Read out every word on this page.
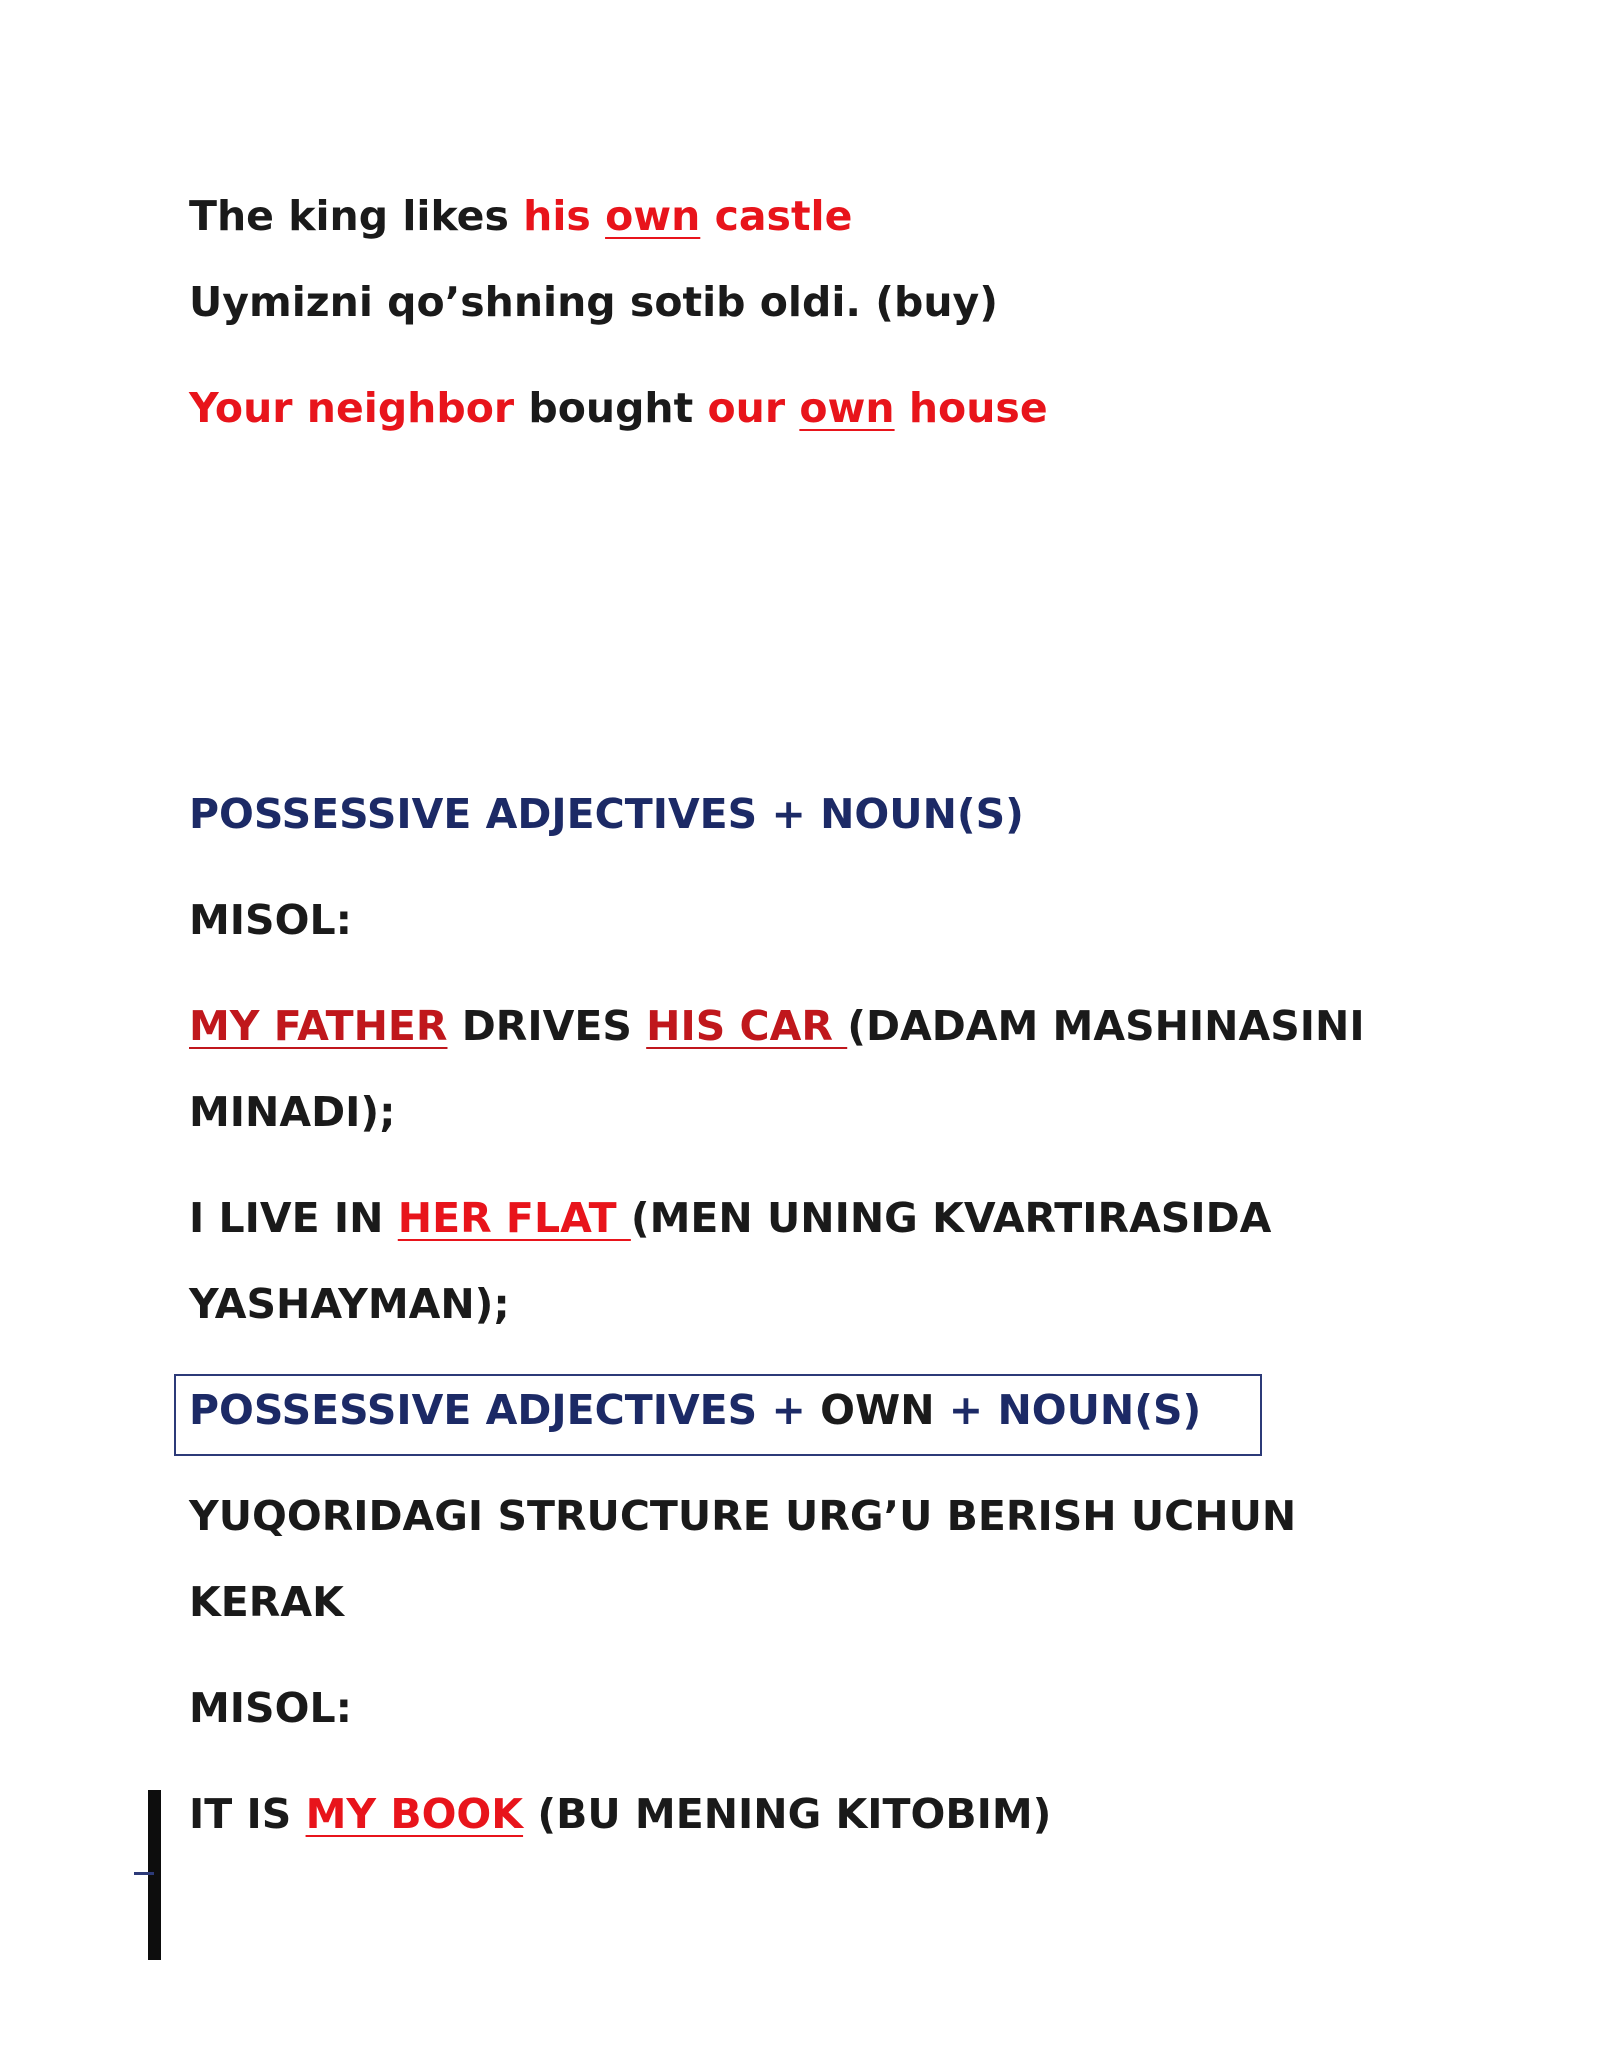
The king likes his own castle
Uymizni qo’shning sotib oldi. (buy)
Your neighbor bought our own house
POSSESSIVE ADJECTIVES + NOUN(S)
MISOL:
MY FATHER DRIVES HIS CAR (DADAM MASHINASINI
MINADI);
I LIVE IN HER FLAT (MEN UNING KVARTIRASIDA
YASHAYMAN);
POSSESSIVE ADJECTIVES + OWN + NOUN(S)
YUQORIDAGI STRUCTURE URG’U BERISH UCHUN
KERAK
MISOL:
IT IS MY BOOK (BU MENING KITOBIM)
